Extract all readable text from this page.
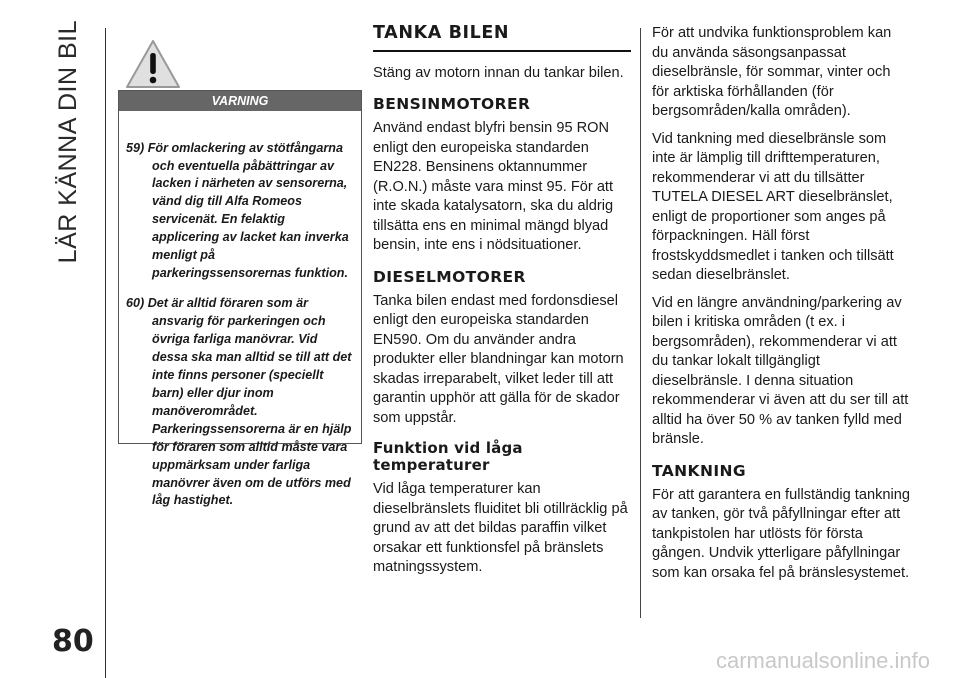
LÄR KÄNNA DIN BIL	VARNING

59) För omlackering av stötfångarna och eventuella påbättringar av lacken i närheten av sensorerna, vänd dig till Alfa Romeos servicenät. En felaktig applicering av lacket kan inverka menligt på parkeringssensorernas funktion.

60) Det är alltid föraren som är ansvarig för parkeringen och övriga farliga manövrar. Vid dessa ska man alltid se till att det inte finns personer (speciellt barn) eller djur inom manöverområdet. Parkeringssensorerna är en hjälp för föraren som alltid måste vara uppmärksam under farliga manövrer även om de utförs med låg hastighet.

TANKA BILEN

Stäng av motorn innan du tankar bilen.

BENSINMOTORER

Använd endast blyfri bensin 95 RON enligt den europeiska standarden EN228. Bensinens oktannummer (R.O.N.) måste vara minst 95. För att inte skada katalysatorn, ska du aldrig tillsätta ens en minimal mängd blyad bensin, inte ens i nödsituationer.

DIESELMOTORER

Tanka bilen endast med fordonsdiesel enligt den europeiska standarden EN590. Om du använder andra produkter eller blandningar kan motorn skadas irreparabelt, vilket leder till att garantin upphör att gälla för de skador som uppstår.

Funktion vid låga temperaturer

Vid låga temperaturer kan dieselbränslets fluiditet bli otillräcklig på grund av att det bildas paraffin vilket orsakar ett funktionsfel på bränslets matningssystem.

För att undvika funktionsproblem kan du använda säsongsanpassat dieselbränsle, för sommar, vinter och för arktiska förhållanden (för bergsområden/kalla områden).

Vid tankning med dieselbränsle som inte är lämplig till drifttemperaturen, rekommenderar vi att du tillsätter TUTELA DIESEL ART dieselbränslet, enligt de proportioner som anges på förpackningen. Häll först frostskyddsmedlet i tanken och tillsätt sedan dieselbränslet.

Vid en längre användning/parkering av bilen i kritiska områden (t ex. i bergsområden), rekommenderar vi att du tankar lokalt tillgängligt dieselbränsle. I denna situation rekommenderar vi även att du ser till att alltid ha över 50 % av tanken fylld med bränsle.

TANKNING

För att garantera en fullständig tankning av tanken, gör två påfyllningar efter att tankpistolen har utlösts för första gången. Undvik ytterligare påfyllningar som kan orsaka fel på bränslesystemet.

80
carmanualsonline.info
